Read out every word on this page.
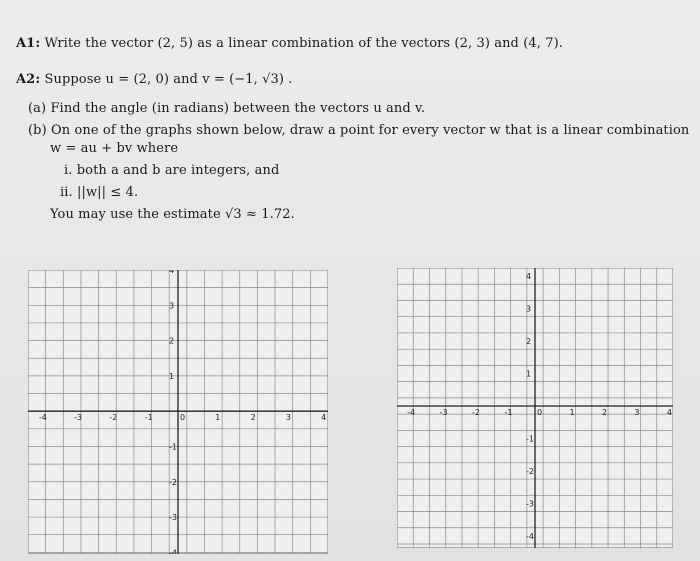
A1: Write the vector (2, 5) as a linear combination of the vectors (2, 3) and (4, 7).
A2: Suppose u = (2, 0) and v = (−1, √3) .
(a) Find the angle (in radians) between the vectors u and v.
(b) On one of the graphs shown below, draw a point for every vector w that is a linear combination
w = au + bv where
i. both a and b are integers, and
ii. ||w|| ≤ 4.
You may use the estimate √3 ≈ 1.72.
-4	-3	-2	-1	0	1	2	3	4
4
3
2
1
-1
-2
-3
-4
-4	-3	-2	-1	0	1	2	3	4
4
3
2
1
-1
-2
-3
-4
